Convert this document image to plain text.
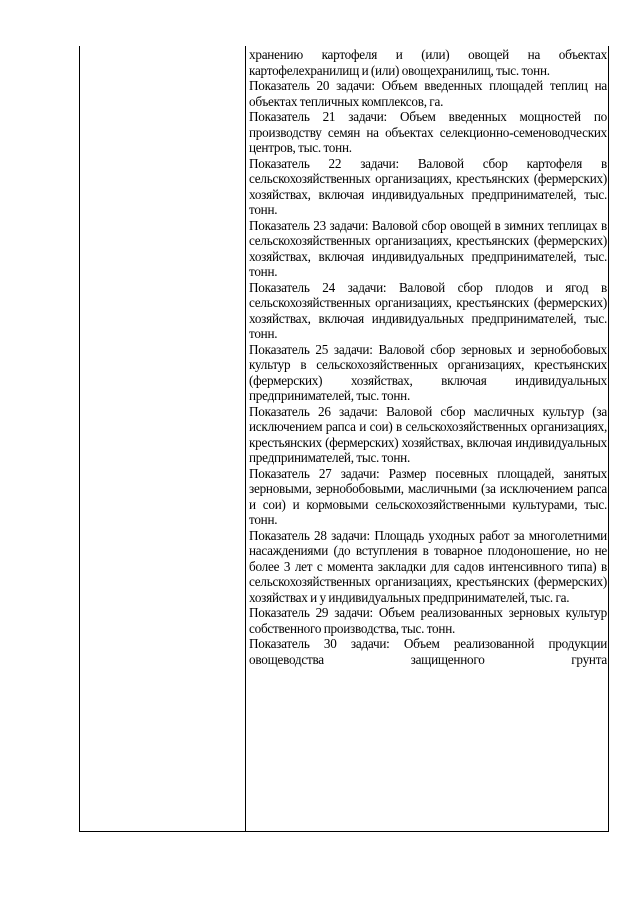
хранению картофеля и (или) овощей на объектах картофелехранилищ и (или) овощехранилищ, тыс. тонн.

Показатель 20 задачи: Объем введенных площадей теплиц на объектах тепличных комплексов, га.

Показатель 21 задачи: Объем введенных мощностей по производству семян на объектах селекционно-семеноводческих центров, тыс. тонн.

Показатель 22 задачи: Валовой сбор картофеля в сельскохозяйственных организациях, крестьянских (фермерских) хозяйствах, включая индивидуальных предпринимателей, тыс. тонн.

Показатель 23 задачи: Валовой сбор овощей в зимних теплицах в сельскохозяйственных организациях, крестьянских (фермерских) хозяйствах, включая индивидуальных предпринимателей, тыс. тонн.

Показатель 24 задачи: Валовой сбор плодов и ягод в сельскохозяйственных организациях, крестьянских (фермерских) хозяйствах, включая индивидуальных предпринимателей, тыс. тонн.

Показатель 25 задачи: Валовой сбор зерновых и зернобобовых культур в сельскохозяйственных организациях, крестьянских (фермерских) хозяйствах, включая индивидуальных предпринимателей, тыс. тонн.

Показатель 26 задачи: Валовой сбор масличных культур (за исключением рапса и сои) в сельскохозяйственных организациях, крестьянских (фермерских) хозяйствах, включая индивидуальных предпринимателей, тыс. тонн.

Показатель 27 задачи: Размер посевных площадей, занятых зерновыми, зернобобовыми, масличными (за исключением рапса и сои) и кормовыми сельскохозяйственными культурами, тыс. тонн.

Показатель 28 задачи: Площадь уходных работ за многолетними насаждениями (до вступления в товарное плодоношение, но не более 3 лет с момента закладки для садов интенсивного типа) в сельскохозяйственных организациях, крестьянских (фермерских) хозяйствах и у индивидуальных предпринимателей, тыс. га.

Показатель 29 задачи: Объем реализованных зерновых культур собственного производства, тыс. тонн.

Показатель 30 задачи: Объем реализованной продукции овощеводства защищенного грунта
